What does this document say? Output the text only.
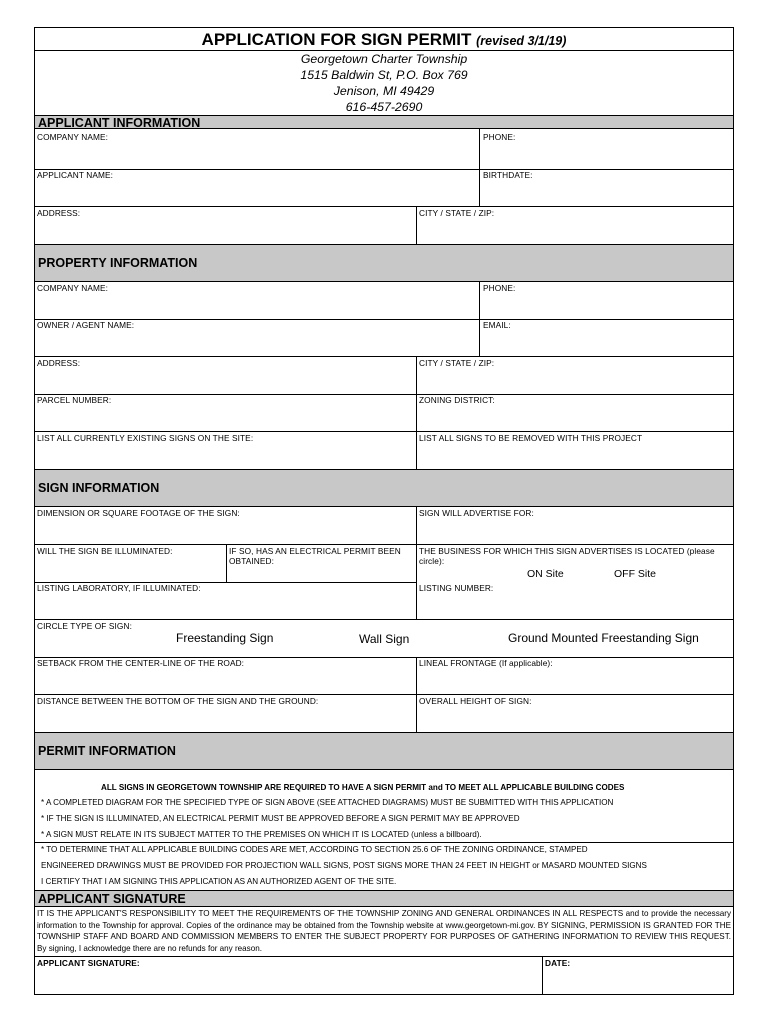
APPLICATION FOR SIGN PERMIT (revised 3/1/19)
Georgetown Charter Township
1515 Baldwin St, P.O. Box 769
Jenison, MI 49429
616-457-2690
APPLICANT INFORMATION
COMPANY NAME:	PHONE:
APPLICANT NAME:	BIRTHDATE:
ADDRESS:	CITY / STATE / ZIP:
PROPERTY INFORMATION
COMPANY NAME:	PHONE:
OWNER / AGENT NAME:	EMAIL:
ADDRESS:	CITY / STATE / ZIP:
PARCEL NUMBER:	ZONING DISTRICT:
LIST ALL CURRENTLY EXISTING SIGNS ON THE SITE:	LIST ALL SIGNS TO BE REMOVED WITH THIS PROJECT
SIGN INFORMATION
DIMENSION OR SQUARE FOOTAGE OF THE SIGN:	SIGN WILL ADVERTISE FOR:
WILL THE SIGN BE ILLUMINATED:	IF SO, HAS AN ELECTRICAL PERMIT BEEN OBTAINED:
THE BUSINESS FOR WHICH THIS SIGN ADVERTISES IS LOCATED (please circle):
ON Site	OFF Site
LISTING LABORATORY, IF ILLUMINATED:	LISTING NUMBER:
CIRCLE TYPE OF SIGN:
Freestanding Sign	Wall Sign	Ground Mounted Freestanding Sign
SETBACK FROM THE CENTER-LINE OF THE ROAD:	LINEAL FRONTAGE (If applicable):
DISTANCE BETWEEN THE BOTTOM OF THE SIGN AND THE GROUND:	OVERALL HEIGHT OF SIGN:
PERMIT INFORMATION
ALL SIGNS IN GEORGETOWN TOWNSHIP ARE REQUIRED TO HAVE A SIGN PERMIT and TO MEET ALL APPLICABLE BUILDING CODES
* A COMPLETED DIAGRAM FOR THE SPECIFIED TYPE OF SIGN ABOVE (SEE ATTACHED DIAGRAMS) MUST BE SUBMITTED WITH THIS APPLICATION
* IF THE SIGN IS ILLUMINATED, AN ELECTRICAL PERMIT MUST BE APPROVED BEFORE A SIGN PERMIT MAY BE APPROVED
* A SIGN MUST RELATE IN ITS SUBJECT MATTER TO THE PREMISES ON WHICH IT IS LOCATED (unless a billboard).
* TO DETERMINE THAT ALL APPLICABLE BUILDING CODES ARE MET, ACCORDING TO SECTION 25.6 OF THE ZONING ORDINANCE, STAMPED
ENGINEERED DRAWINGS MUST BE PROVIDED FOR PROJECTION WALL SIGNS, POST SIGNS MORE THAN 24 FEET IN HEIGHT or MASARD MOUNTED SIGNS
I CERTIFY THAT I AM SIGNING THIS APPLICATION AS AN AUTHORIZED AGENT OF THE SITE.
APPLICANT SIGNATURE
IT IS THE APPLICANT'S RESPONSIBILITY TO MEET THE REQUIREMENTS OF THE TOWNSHIP ZONING AND GENERAL ORDINANCES IN ALL RESPECTS and to provide the necessary information to the Township for approval. Copies of the ordinance may be obtained from the Township website at www.georgetown-mi.gov. BY SIGNING, PERMISSION IS GRANTED FOR THE TOWNSHIP STAFF AND BOARD AND COMMISSION MEMBERS TO ENTER THE SUBJECT PROPERTY FOR PURPOSES OF GATHERING INFORMATION TO REVIEW THIS REQUEST. By signing, I acknowledge there are no refunds for any reason.
APPLICANT SIGNATURE:	DATE:
